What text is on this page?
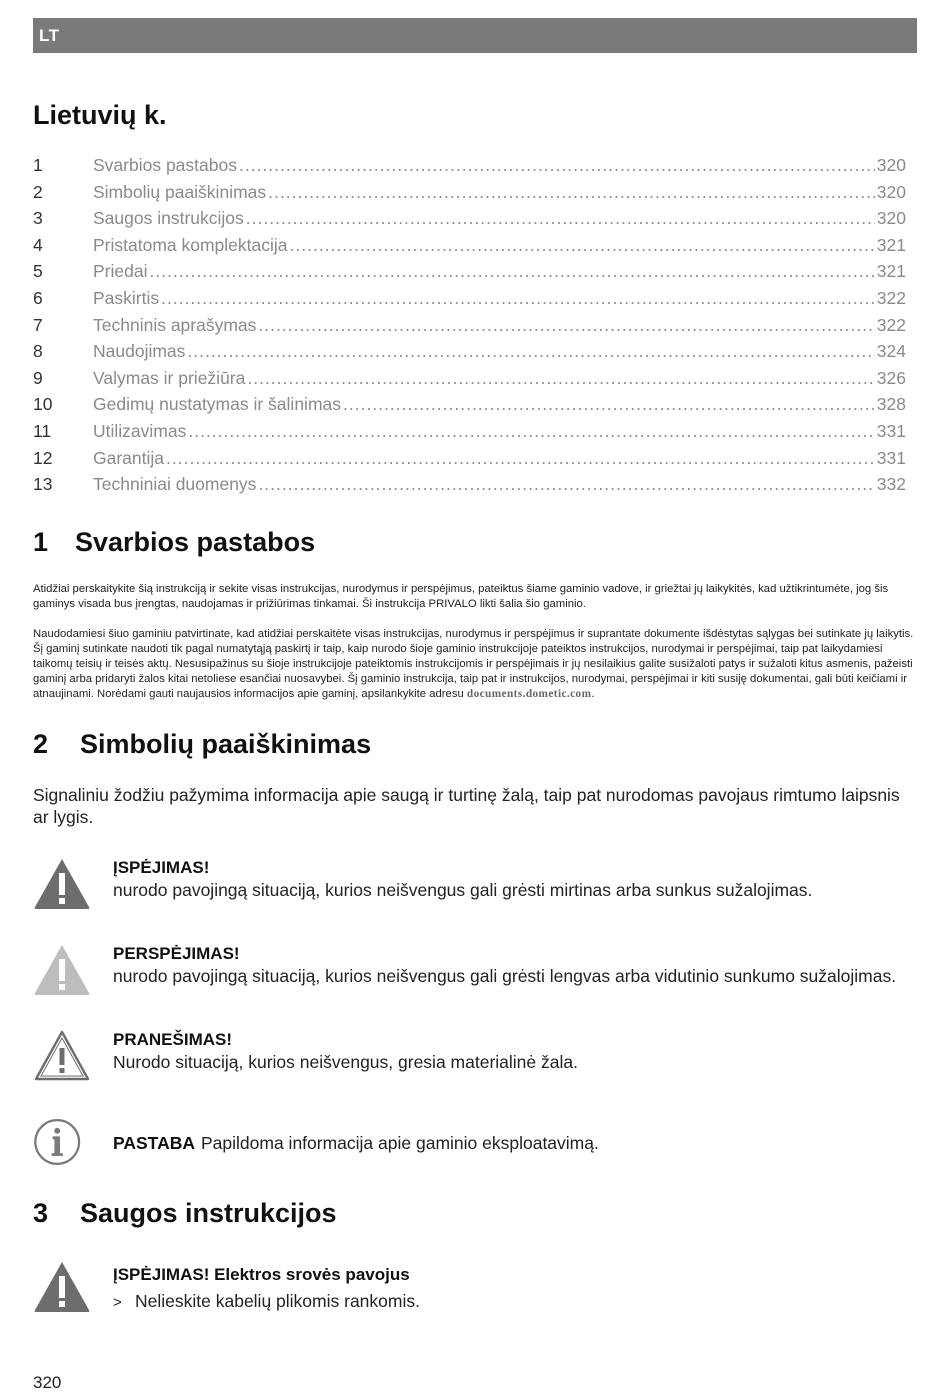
LT
Lietuvių k.
1	Svarbios pastabos .....	320
2	Simbolių paaiškinimas .....	320
3	Saugos instrukcijos .....	320
4	Pristatoma komplektacija .....	321
5	Priedai .....	321
6	Paskirtis .....	322
7	Techninis aprašymas .....	322
8	Naudojimas .....	324
9	Valymas ir priežiūra .....	326
10	Gedimų nustatymas ir šalinimas .....	328
11	Utilizavimas .....	331
12	Garantija .....	331
13	Techniniai duomenys .....	332
1 Svarbios pastabos

Atidžiai perskaitykite šią instrukciją ir sekite visas instrukcijas, nurodymus ir perspėjimus, pateiktus šiame gaminio vadove, ir griežtai jų laikykitės, kad užtikrintumėte, jog šis gaminys visada bus įrengtas, naudojamas ir prižiūrimas tinkamai. Ši instrukcija PRIVALO likti šalia šio gaminio.

Naudodamiesi šiuo gaminiu patvirtinate, kad atidžiai perskaitėte visas instrukcijas, nurodymus ir perspėjimus ir suprantate dokumente išdėstytas sąlygas bei sutinkate jų laikytis. Šį gaminį sutinkate naudoti tik pagal numatytąją paskirtį ir taip, kaip nurodo šioje gaminio instrukcijoje pateiktos instrukcijos, nurodymai ir perspėjimai, taip pat laikydamiesi taikomų teisių ir teisės aktų. Nesusipažinus su šioje instrukcijoje pateiktomis instrukcijomis ir perspėjimais ir jų nesilaikius galite susižaloti patys ir sužaloti kitus asmenis, pažeisti gaminį arba pridaryti žalos kitai netoliese esančiai nuosavybei. Šį gaminio instrukcija, taip pat ir instrukcijos, nurodymai, perspėjimai ir kiti susiję dokumentai, gali būti keičiami ir atnaujinami. Norėdami gauti naujausios informacijos apie gaminį, apsilankykite adresu documents.dometic.com.

2	Simbolių paaiškinimas

Signaliniu žodžiu pažymima informacija apie saugą ir turtinę žalą, taip pat nurodomas pavojaus rimtumo laipsnis ar lygis.

ĮSPĖJIMAS!
nurodo pavojingą situaciją, kurios neišvengus gali grėsti mirtinas arba sunkus sužalojimas.
PERSPĖJIMAS!
nurodo pavojingą situaciją, kurios neišvengus gali grėsti lengvas arba vidutinio sunkumo sužalojimas.
PRANEŠIMAS!
Nurodo situaciją, kurios neišvengus, gresia materialinė žala.
PASTABA Papildoma informacija apie gaminio eksploatavimą.
3	Saugos instrukcijos
ĮSPĖJIMAS! Elektros srovės pavojus
> Nelieskite kabelių plikomis rankomis.
320
